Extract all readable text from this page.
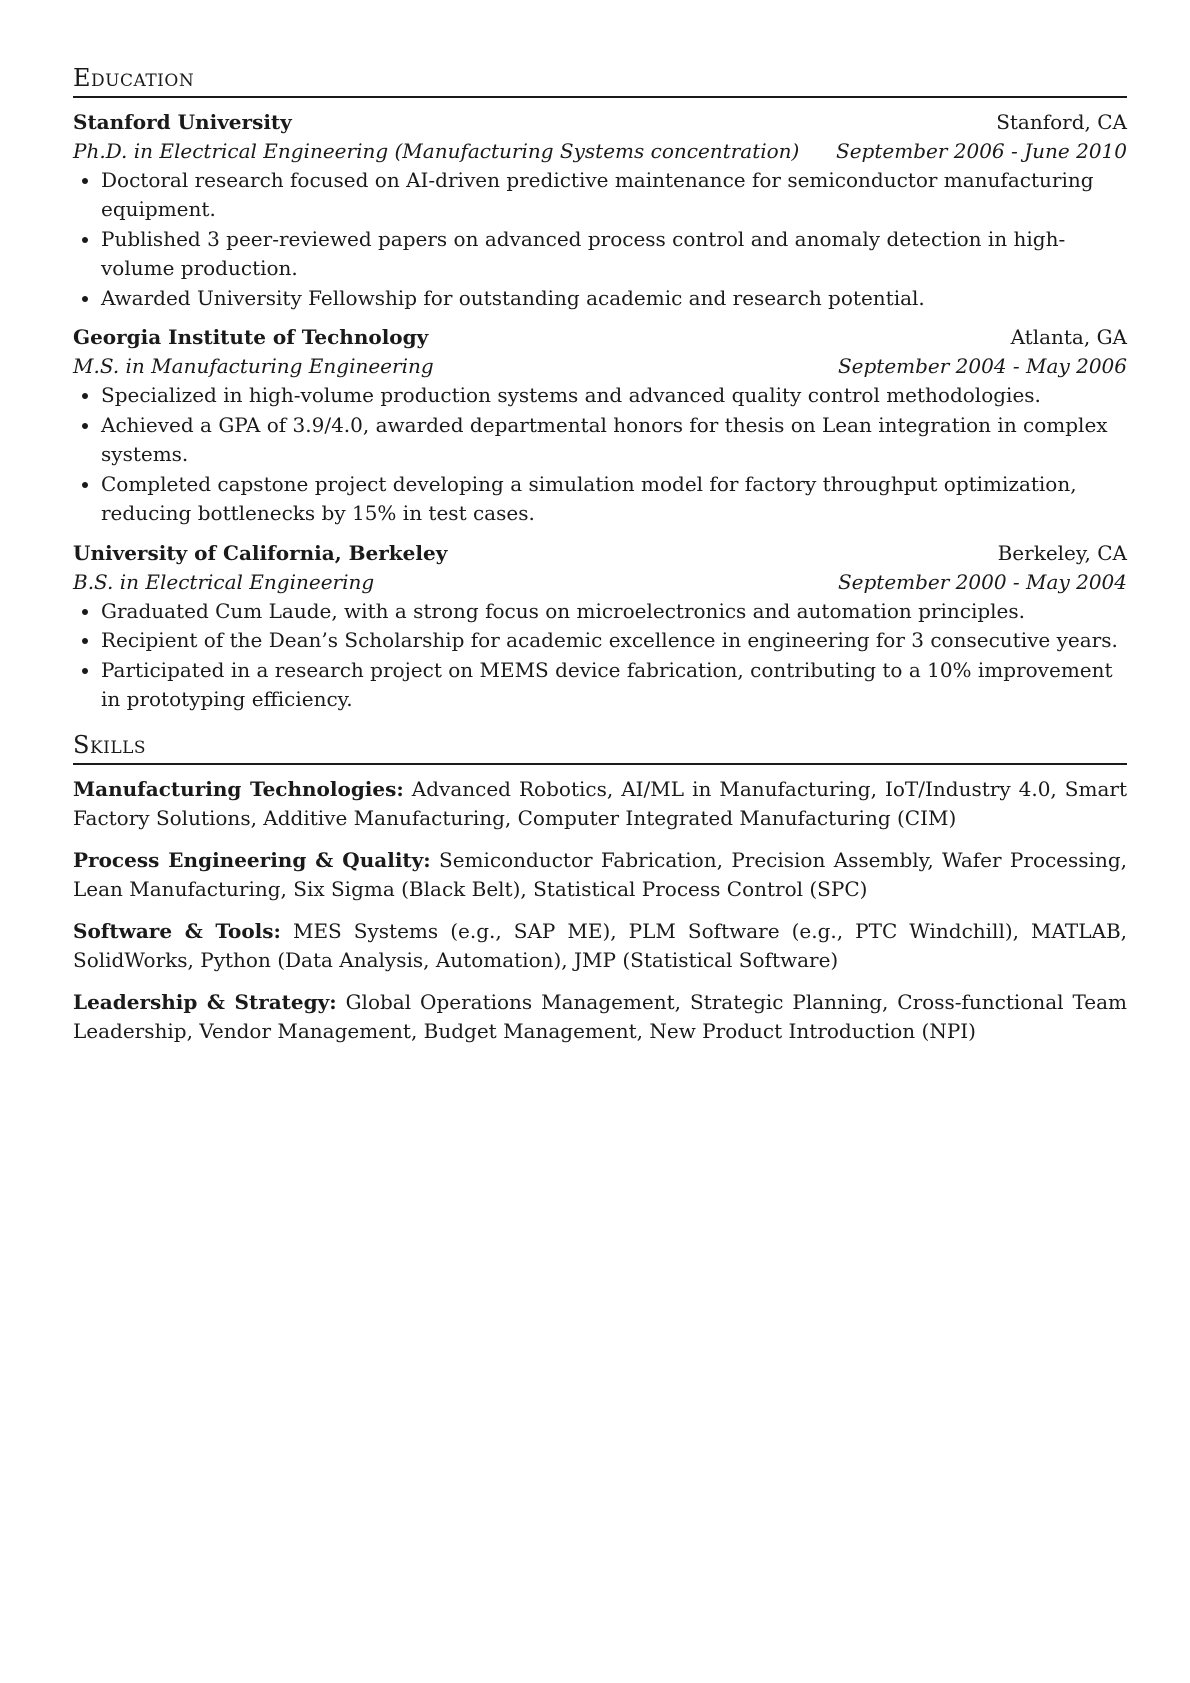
Education
Stanford University	Stanford, CA
Ph.D. in Electrical Engineering (Manufacturing Systems concentration) September 2006 - June 2010
Doctoral research focused on AI-driven predictive maintenance for semiconductor manufacturing equipment.
Published 3 peer-reviewed papers on advanced process control and anomaly detection in high-volume production.
Awarded University Fellowship for outstanding academic and research potential.
Georgia Institute of Technology	Atlanta, GA
M.S. in Manufacturing Engineering	September 2004 - May 2006
Specialized in high-volume production systems and advanced quality control methodologies.
Achieved a GPA of 3.9/4.0, awarded departmental honors for thesis on Lean integration in complex systems.
Completed capstone project developing a simulation model for factory throughput optimization, reducing bottlenecks by 15% in test cases.
University of California, Berkeley	Berkeley, CA
B.S. in Electrical Engineering	September 2000 - May 2004
Graduated Cum Laude, with a strong focus on microelectronics and automation principles.
Recipient of the Dean’s Scholarship for academic excellence in engineering for 3 consecutive years.
Participated in a research project on MEMS device fabrication, contributing to a 10% improvement in prototyping efficiency.
Skills
Manufacturing Technologies: Advanced Robotics, AI/ML in Manufacturing, IoT/Industry 4.0, Smart Factory Solutions, Additive Manufacturing, Computer Integrated Manufacturing (CIM)
Process Engineering & Quality: Semiconductor Fabrication, Precision Assembly, Wafer Processing, Lean Manufacturing, Six Sigma (Black Belt), Statistical Process Control (SPC)
Software & Tools: MES Systems (e.g., SAP ME), PLM Software (e.g., PTC Windchill), MATLAB, SolidWorks, Python (Data Analysis, Automation), JMP (Statistical Software)
Leadership & Strategy: Global Operations Management, Strategic Planning, Cross-functional Team Leadership, Vendor Management, Budget Management, New Product Introduction (NPI)
